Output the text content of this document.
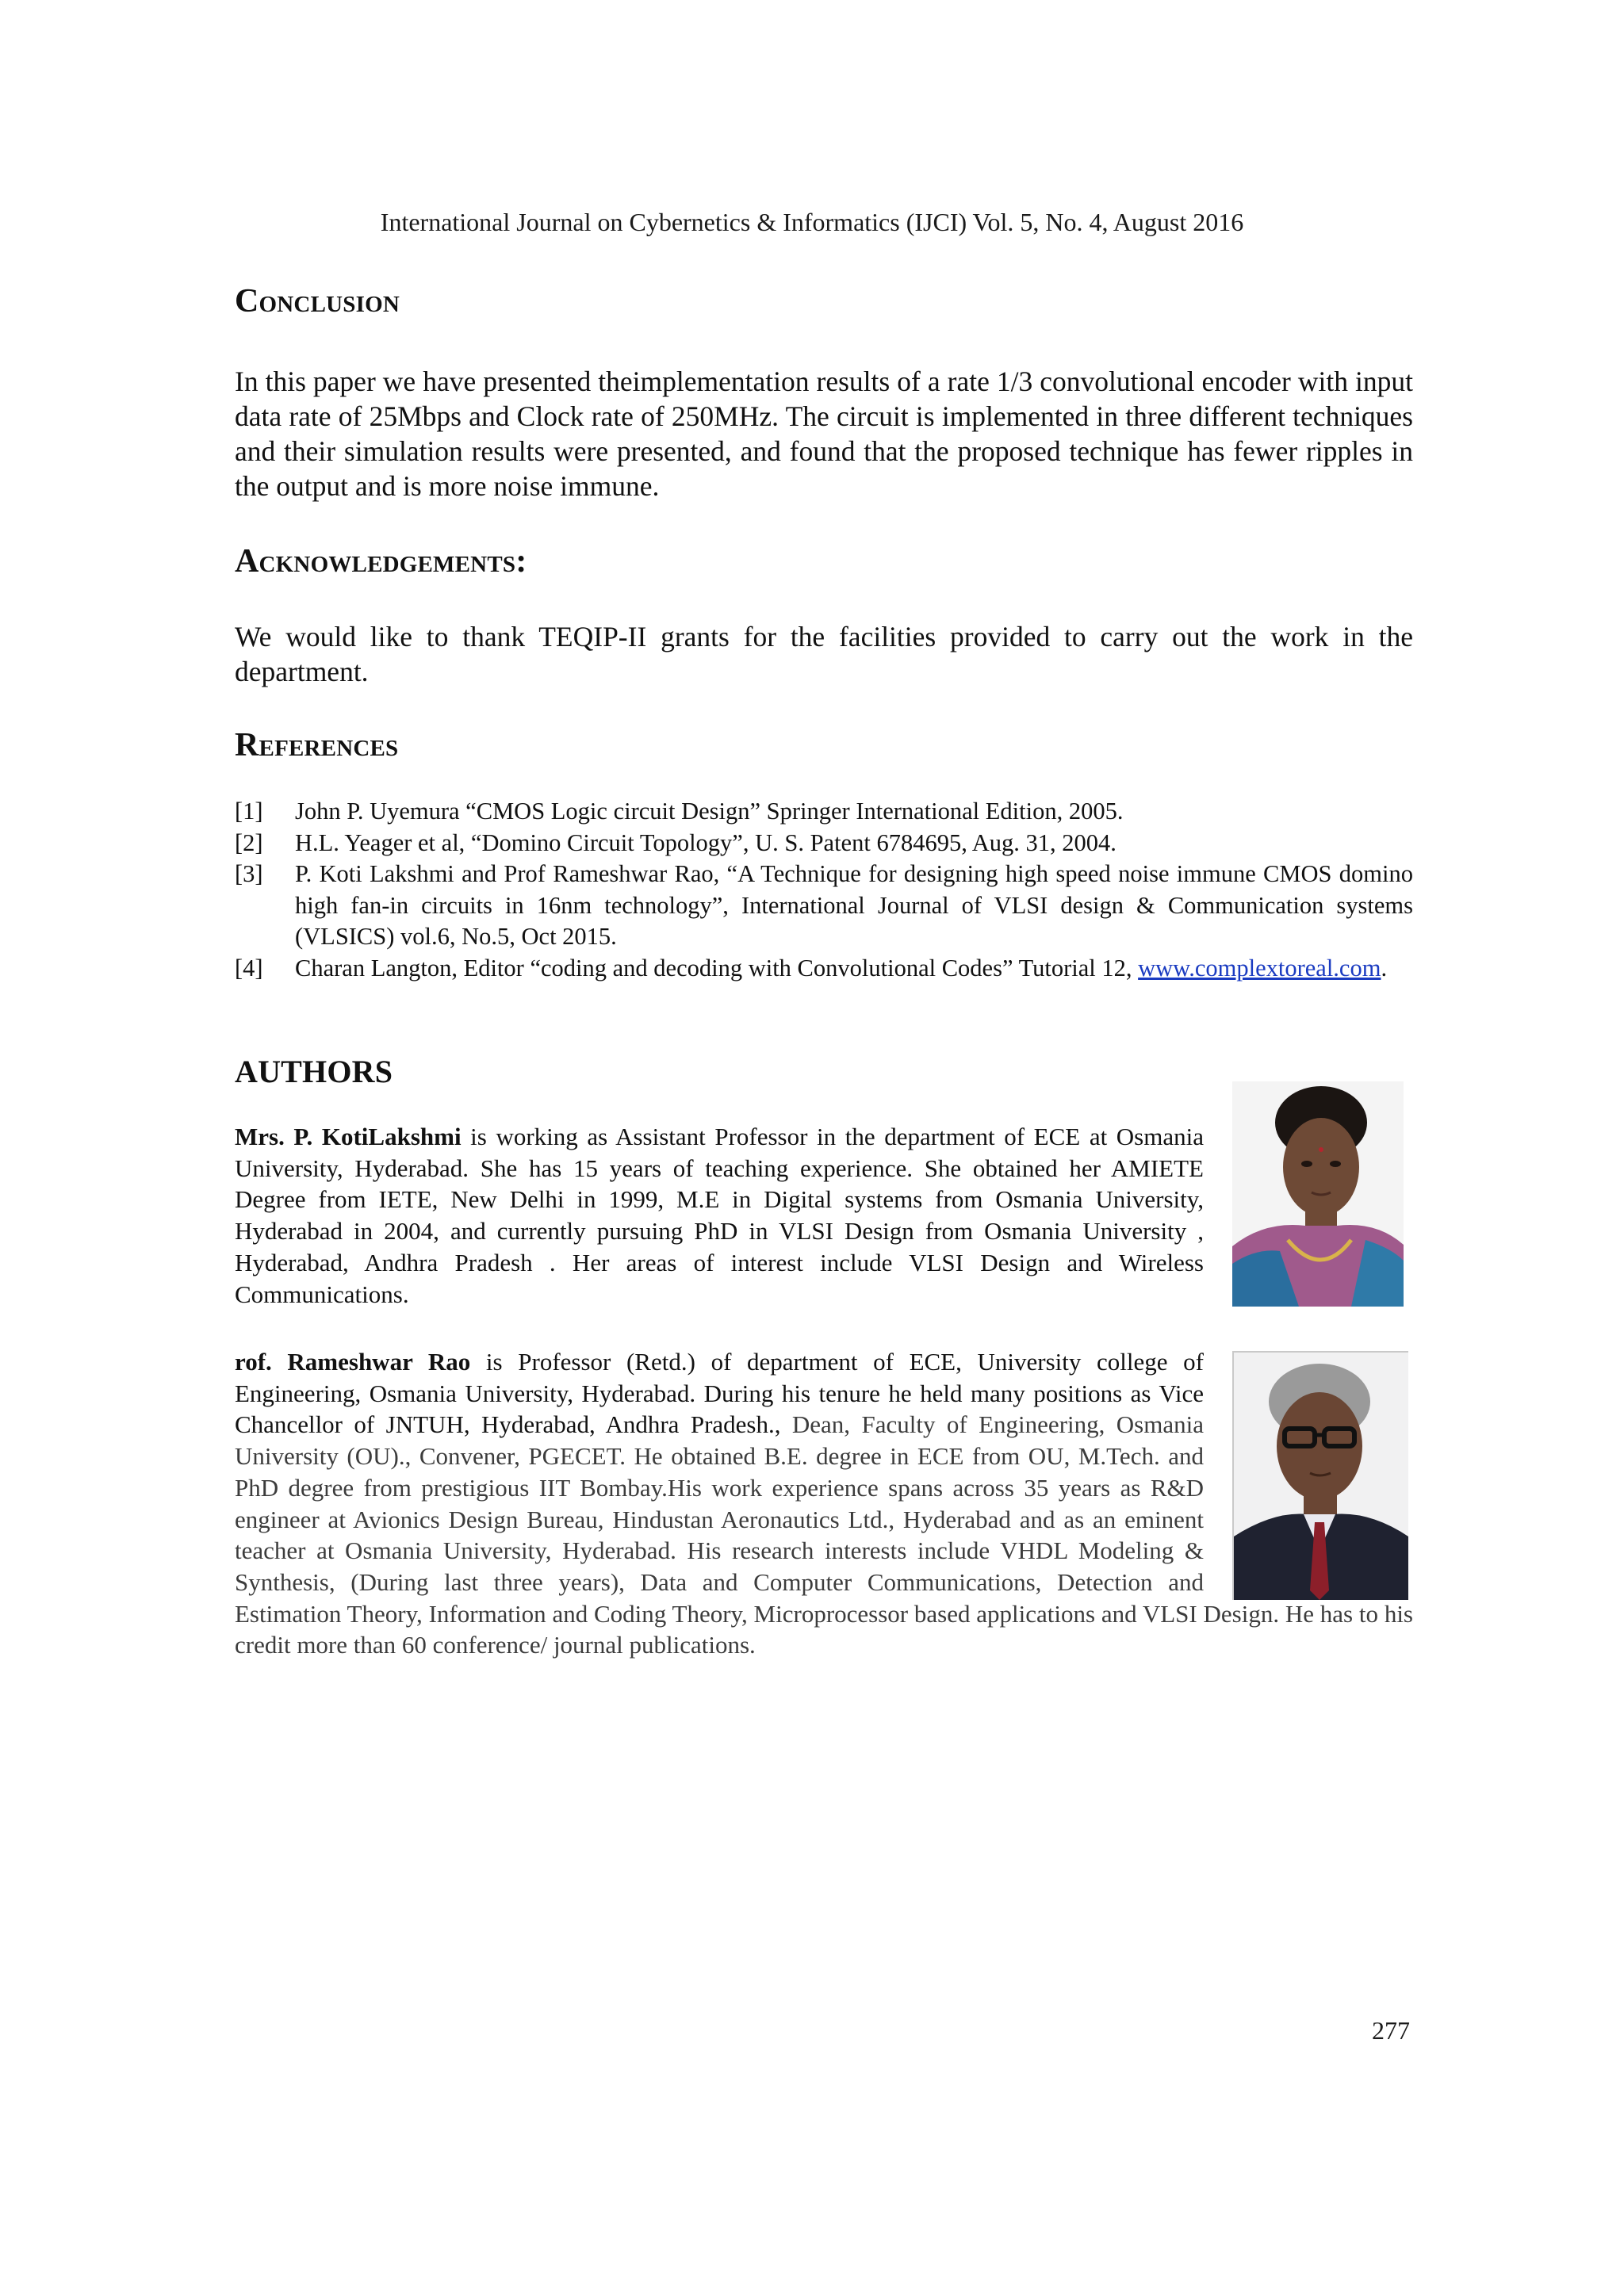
International Journal on Cybernetics & Informatics (IJCI) Vol. 5, No. 4, August 2016
Conclusion

In this paper we have presented theimplementation results of a rate 1/3 convolutional encoder with input data rate of 25Mbps and Clock rate of 250MHz. The circuit is implemented in three different techniques and their simulation results were presented, and found that the proposed technique has fewer ripples in the output and is more noise immune.

Acknowledgements:

We would like to thank TEQIP-II grants for the facilities provided to carry out the work in the department.

References
[1]	John P. Uyemura “CMOS Logic circuit Design” Springer International Edition, 2005.
[2]	H.L. Yeager et al, “Domino Circuit Topology”, U. S. Patent 6784695, Aug. 31, 2004.
[3]	P. Koti Lakshmi and Prof Rameshwar Rao, “A Technique for designing high speed noise immune CMOS domino high fan-in circuits in 16nm technology”, International Journal of VLSI design & Communication systems (VLSICS) vol.6, No.5, Oct 2015.
[4]	Charan Langton, Editor “coding and decoding with Convolutional Codes” Tutorial 12, www.complextoreal.com.
AUTHORS

Mrs. P. KotiLakshmi is working as Assistant Professor in the department of ECE at Osmania University, Hyderabad. She has 15 years of teaching experience. She obtained her AMIETE Degree from IETE, New Delhi in 1999, M.E in Digital systems from Osmania University, Hyderabad in 2004, and currently pursuing PhD in VLSI Design from Osmania University , Hyderabad, Andhra Pradesh . Her areas of interest include VLSI Design and Wireless Communications.

rof. Rameshwar Rao is Professor (Retd.) of department of ECE, University college of Engineering, Osmania University, Hyderabad. During his tenure he held many positions as Vice Chancellor of JNTUH, Hyderabad, Andhra Pradesh., Dean, Faculty of Engineering, Osmania University (OU)., Convener, PGECET. He obtained B.E. degree in ECE from OU, M.Tech. and PhD degree from prestigious IIT Bombay.His work experience spans across 35 years as R&D engineer at Avionics Design Bureau, Hindustan Aeronautics Ltd., Hyderabad and as an eminent teacher at Osmania University, Hyderabad. His research interests include VHDL Modeling & Synthesis, (During last three years), Data and Computer Communications, Detection and Estimation Theory, Information and Coding Theory, Microprocessor based applications and VLSI Design. He has to his credit more than 60 conference/ journal publications.

277
